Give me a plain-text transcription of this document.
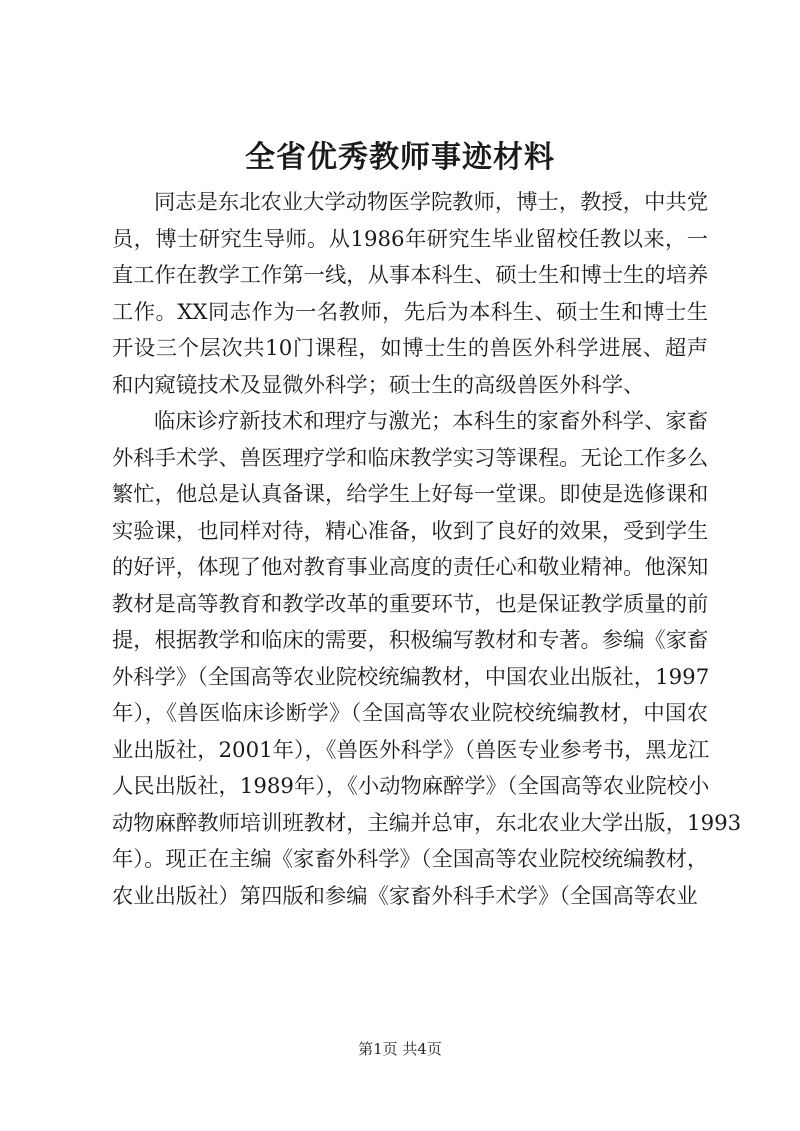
全省优秀教师事迹材料
同志是东北农业大学动物医学院教师，博士，教授，中共党
员，博士研究生导师。从1986年研究生毕业留校任教以来，一
直工作在教学工作第一线，从事本科生、硕士生和博士生的培养
工作。XX同志作为一名教师，先后为本科生、硕士生和博士生
开设三个层次共10门课程，如博士生的兽医外科学进展、超声
和内窥镜技术及显微外科学；硕士生的高级兽医外科学、
临床诊疗新技术和理疗与激光；本科生的家畜外科学、家畜
外科手术学、兽医理疗学和临床教学实习等课程。无论工作多么
繁忙，他总是认真备课，给学生上好每一堂课。即使是选修课和
实验课，也同样对待，精心准备，收到了良好的效果，受到学生
的好评，体现了他对教育事业高度的责任心和敬业精神。他深知
教材是高等教育和教学改革的重要环节，也是保证教学质量的前
提，根据教学和临床的需要，积极编写教材和专著。参编《家畜
外科学》（全国高等农业院校统编教材，中国农业出版社，1997
年），《兽医临床诊断学》（全国高等农业院校统编教材，中国农
业出版社，2001年），《兽医外科学》（兽医专业参考书，黑龙江
人民出版社，1989年），《小动物麻醉学》（全国高等农业院校小
动物麻醉教师培训班教材，主编并总审，东北农业大学出版，1993
年）。现正在主编《家畜外科学》（全国高等农业院校统编教材，
农业出版社）第四版和参编《家畜外科手术学》（全国高等农业
第1页 共4页
